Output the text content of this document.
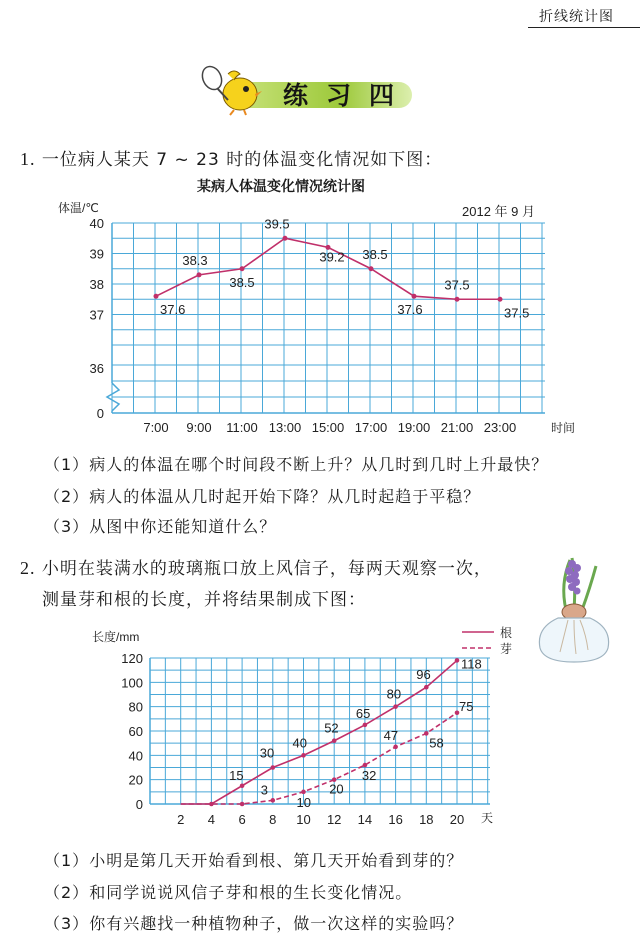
折线统计图
练习四
1. 一位病人某天 7 ~ 23 时的体温变化情况如下图：
某病人体温变化情况统计图
体温/℃	2012 年 9 月
0
36
37
38
39
40
7:00 9:00 11:00 13:00 15:00 17:00 19:00 21:00 23:00	时间
37.6
38.3
38.5
39.5
39.2 38.5
37.6
37.5
37.5
长度/mm
0
20
40
60
80
100
120
2 4 6 8 10 12 14 16 18 20 天
15
30
40
52
65
80
96
118
3
10
20
32
47
58
75
根
芽
（1）病人的体温在哪个时间段不断上升？从几时到几时上升最快？
（2）病人的体温从几时起开始下降？从几时起趋于平稳？
（3）从图中你还能知道什么？
2. 小明在装满水的玻璃瓶口放上风信子，每两天观察一次，
测量芽和根的长度，并将结果制成下图：
（1）小明是第几天开始看到根、第几天开始看到芽的？
（2）和同学说说风信子芽和根的生长变化情况。
（3）你有兴趣找一种植物种子，做一次这样的实验吗？
